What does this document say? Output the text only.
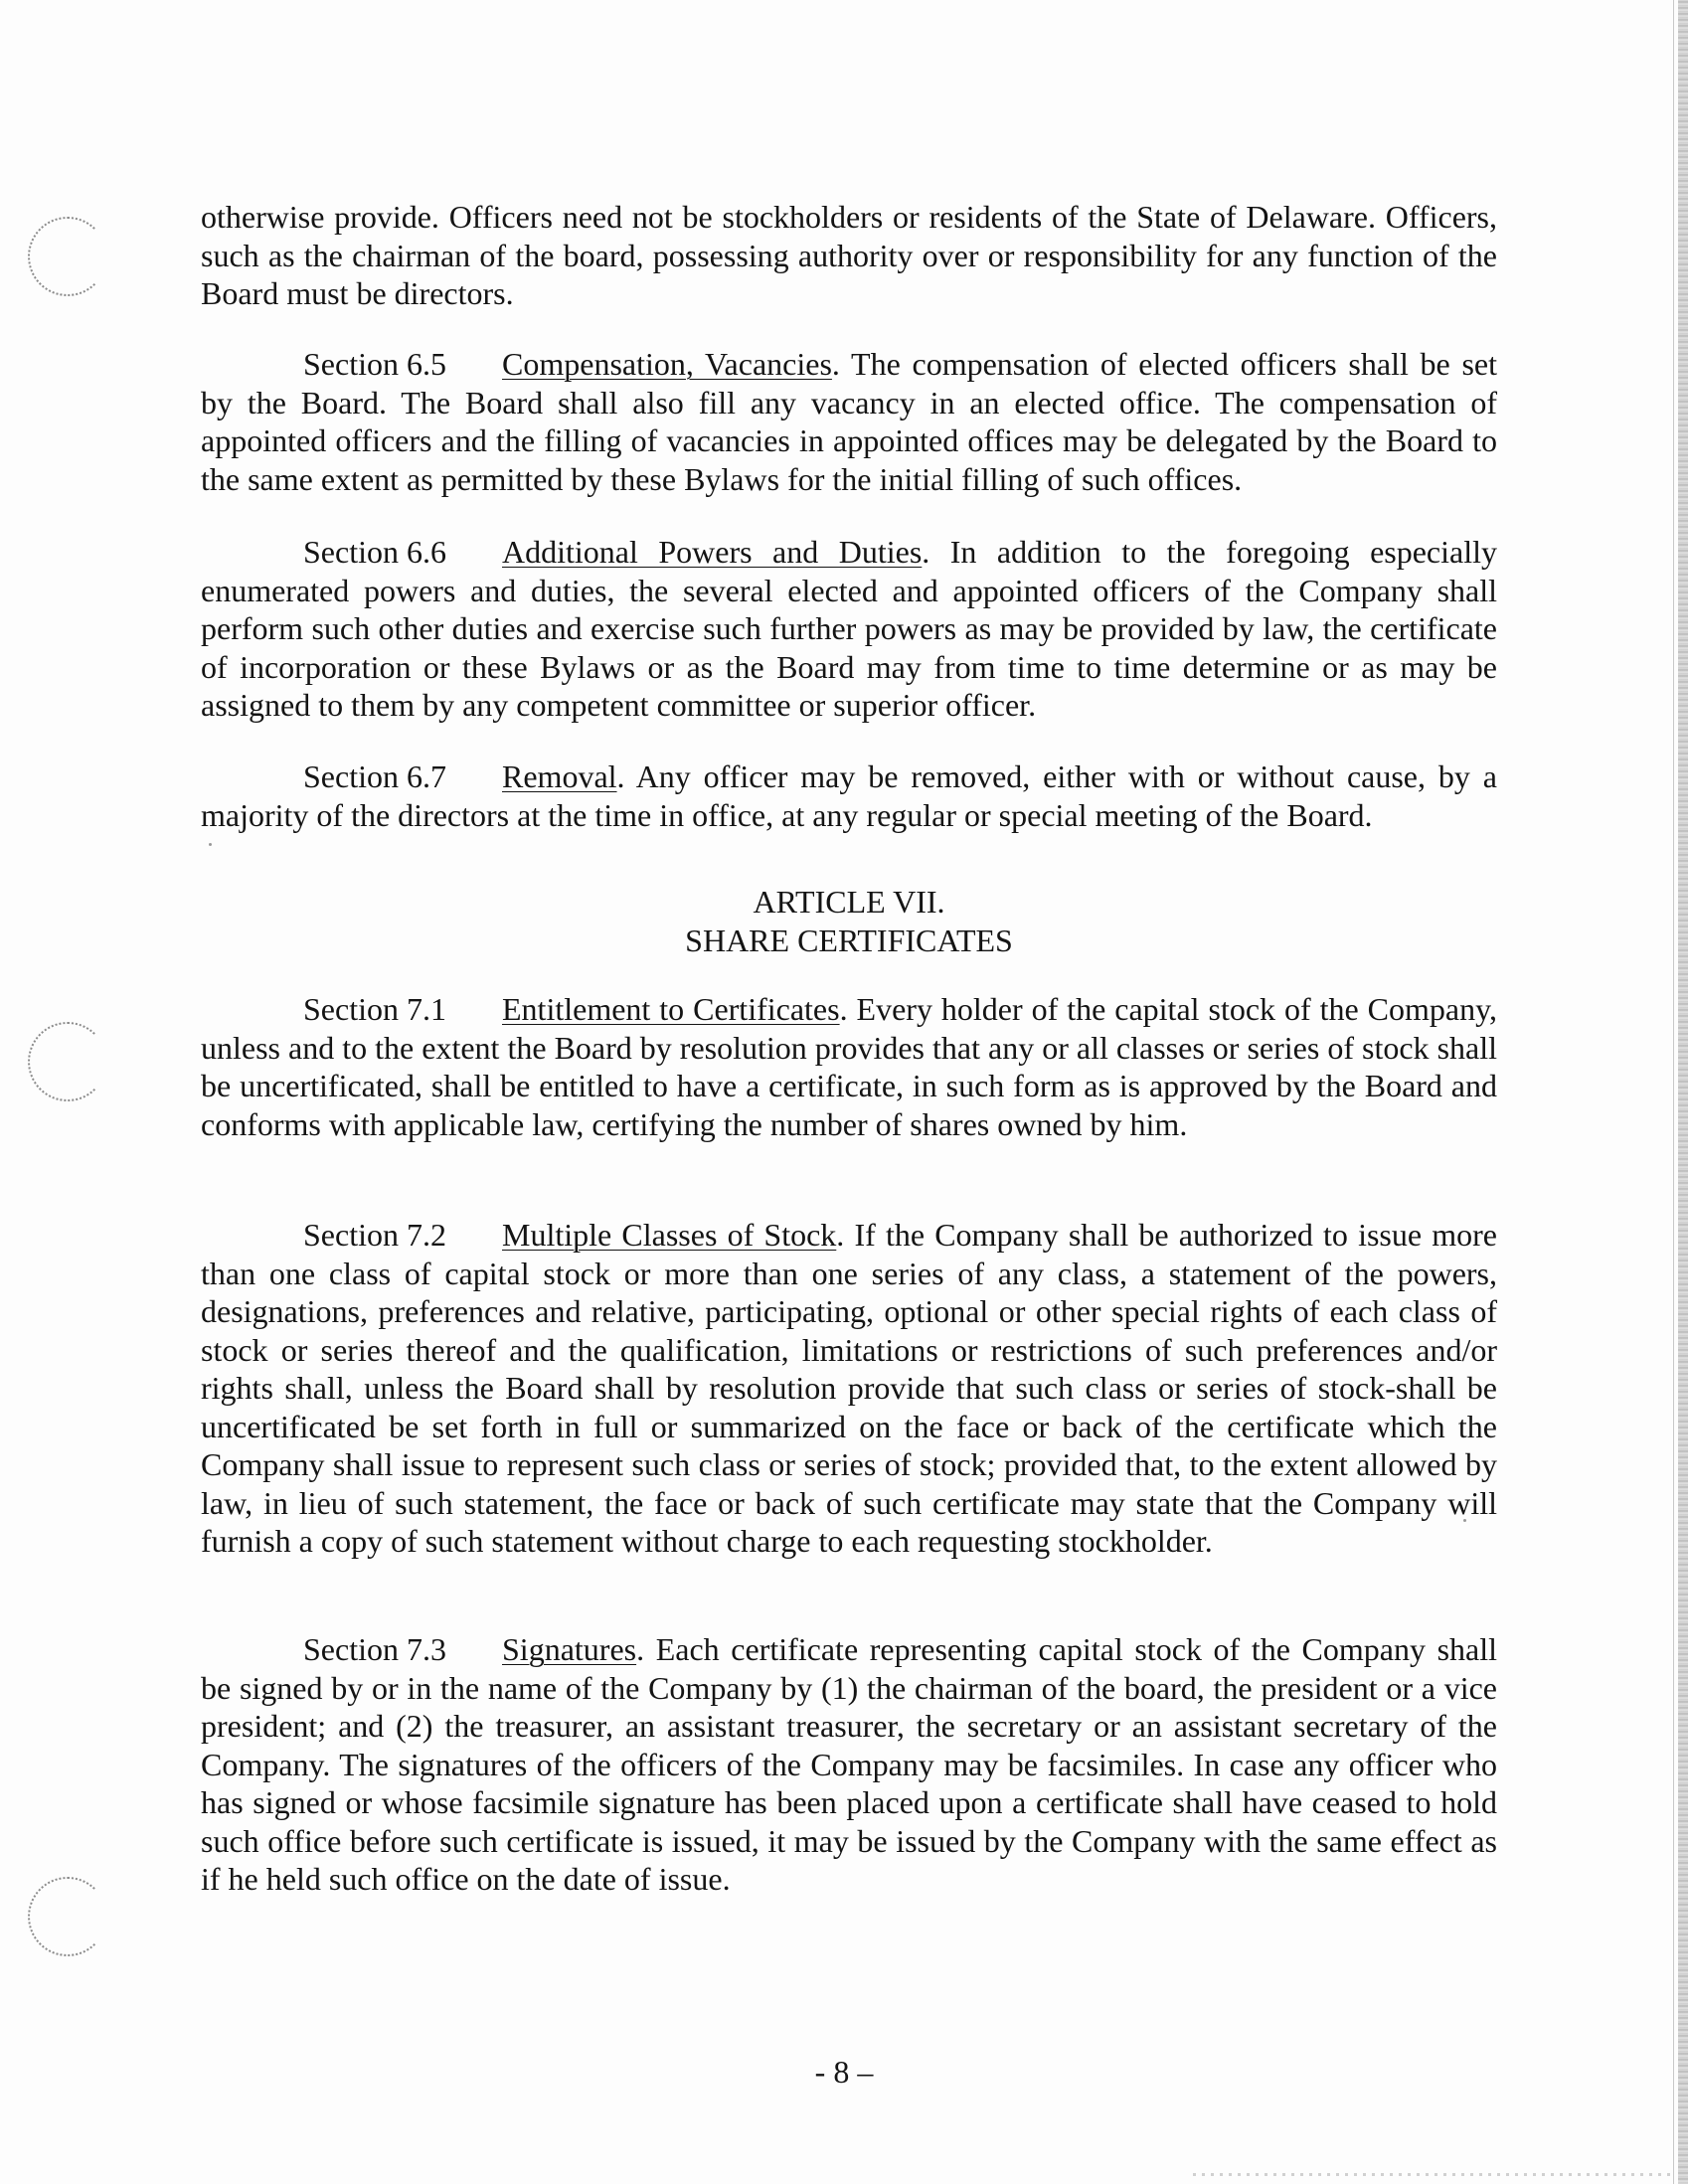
otherwise provide. Officers need not be stockholders or residents of the State of Delaware. Officers, such as the chairman of the board, possessing authority over or responsibility for any function of the Board must be directors.

Section 6.5 Compensation, Vacancies. The compensation of elected officers shall be set by the Board. The Board shall also fill any vacancy in an elected office. The compensation of appointed officers and the filling of vacancies in appointed offices may be delegated by the Board to the same extent as permitted by these Bylaws for the initial filling of such offices.

Section 6.6 Additional Powers and Duties. In addition to the foregoing especially enumerated powers and duties, the several elected and appointed officers of the Company shall perform such other duties and exercise such further powers as may be provided by law, the certificate of incorporation or these Bylaws or as the Board may from time to time determine or as may be assigned to them by any competent committee or superior officer.

Section 6.7 Removal. Any officer may be removed, either with or without cause, by a majority of the directors at the time in office, at any regular or special meeting of the Board.

ARTICLE VII.
SHARE CERTIFICATES

Section 7.1 Entitlement to Certificates. Every holder of the capital stock of the Company, unless and to the extent the Board by resolution provides that any or all classes or series of stock shall be uncertificated, shall be entitled to have a certificate, in such form as is approved by the Board and conforms with applicable law, certifying the number of shares owned by him.

Section 7.2 Multiple Classes of Stock. If the Company shall be authorized to issue more than one class of capital stock or more than one series of any class, a statement of the powers, designations, preferences and relative, participating, optional or other special rights of each class of stock or series thereof and the qualification, limitations or restrictions of such preferences and/or rights shall, unless the Board shall by resolution provide that such class or series of stock-shall be uncertificated be set forth in full or summarized on the face or back of the certificate which the Company shall issue to represent such class or series of stock; provided that, to the extent allowed by law, in lieu of such statement, the face or back of such certificate may state that the Company will furnish a copy of such statement without charge to each requesting stockholder.

Section 7.3 Signatures. Each certificate representing capital stock of the Company shall be signed by or in the name of the Company by (1) the chairman of the board, the president or a vice president; and (2) the treasurer, an assistant treasurer, the secretary or an assistant secretary of the Company. The signatures of the officers of the Company may be facsimiles. In case any officer who has signed or whose facsimile signature has been placed upon a certificate shall have ceased to hold such office before such certificate is issued, it may be issued by the Company with the same effect as if he held such office on the date of issue.

- 8 –
